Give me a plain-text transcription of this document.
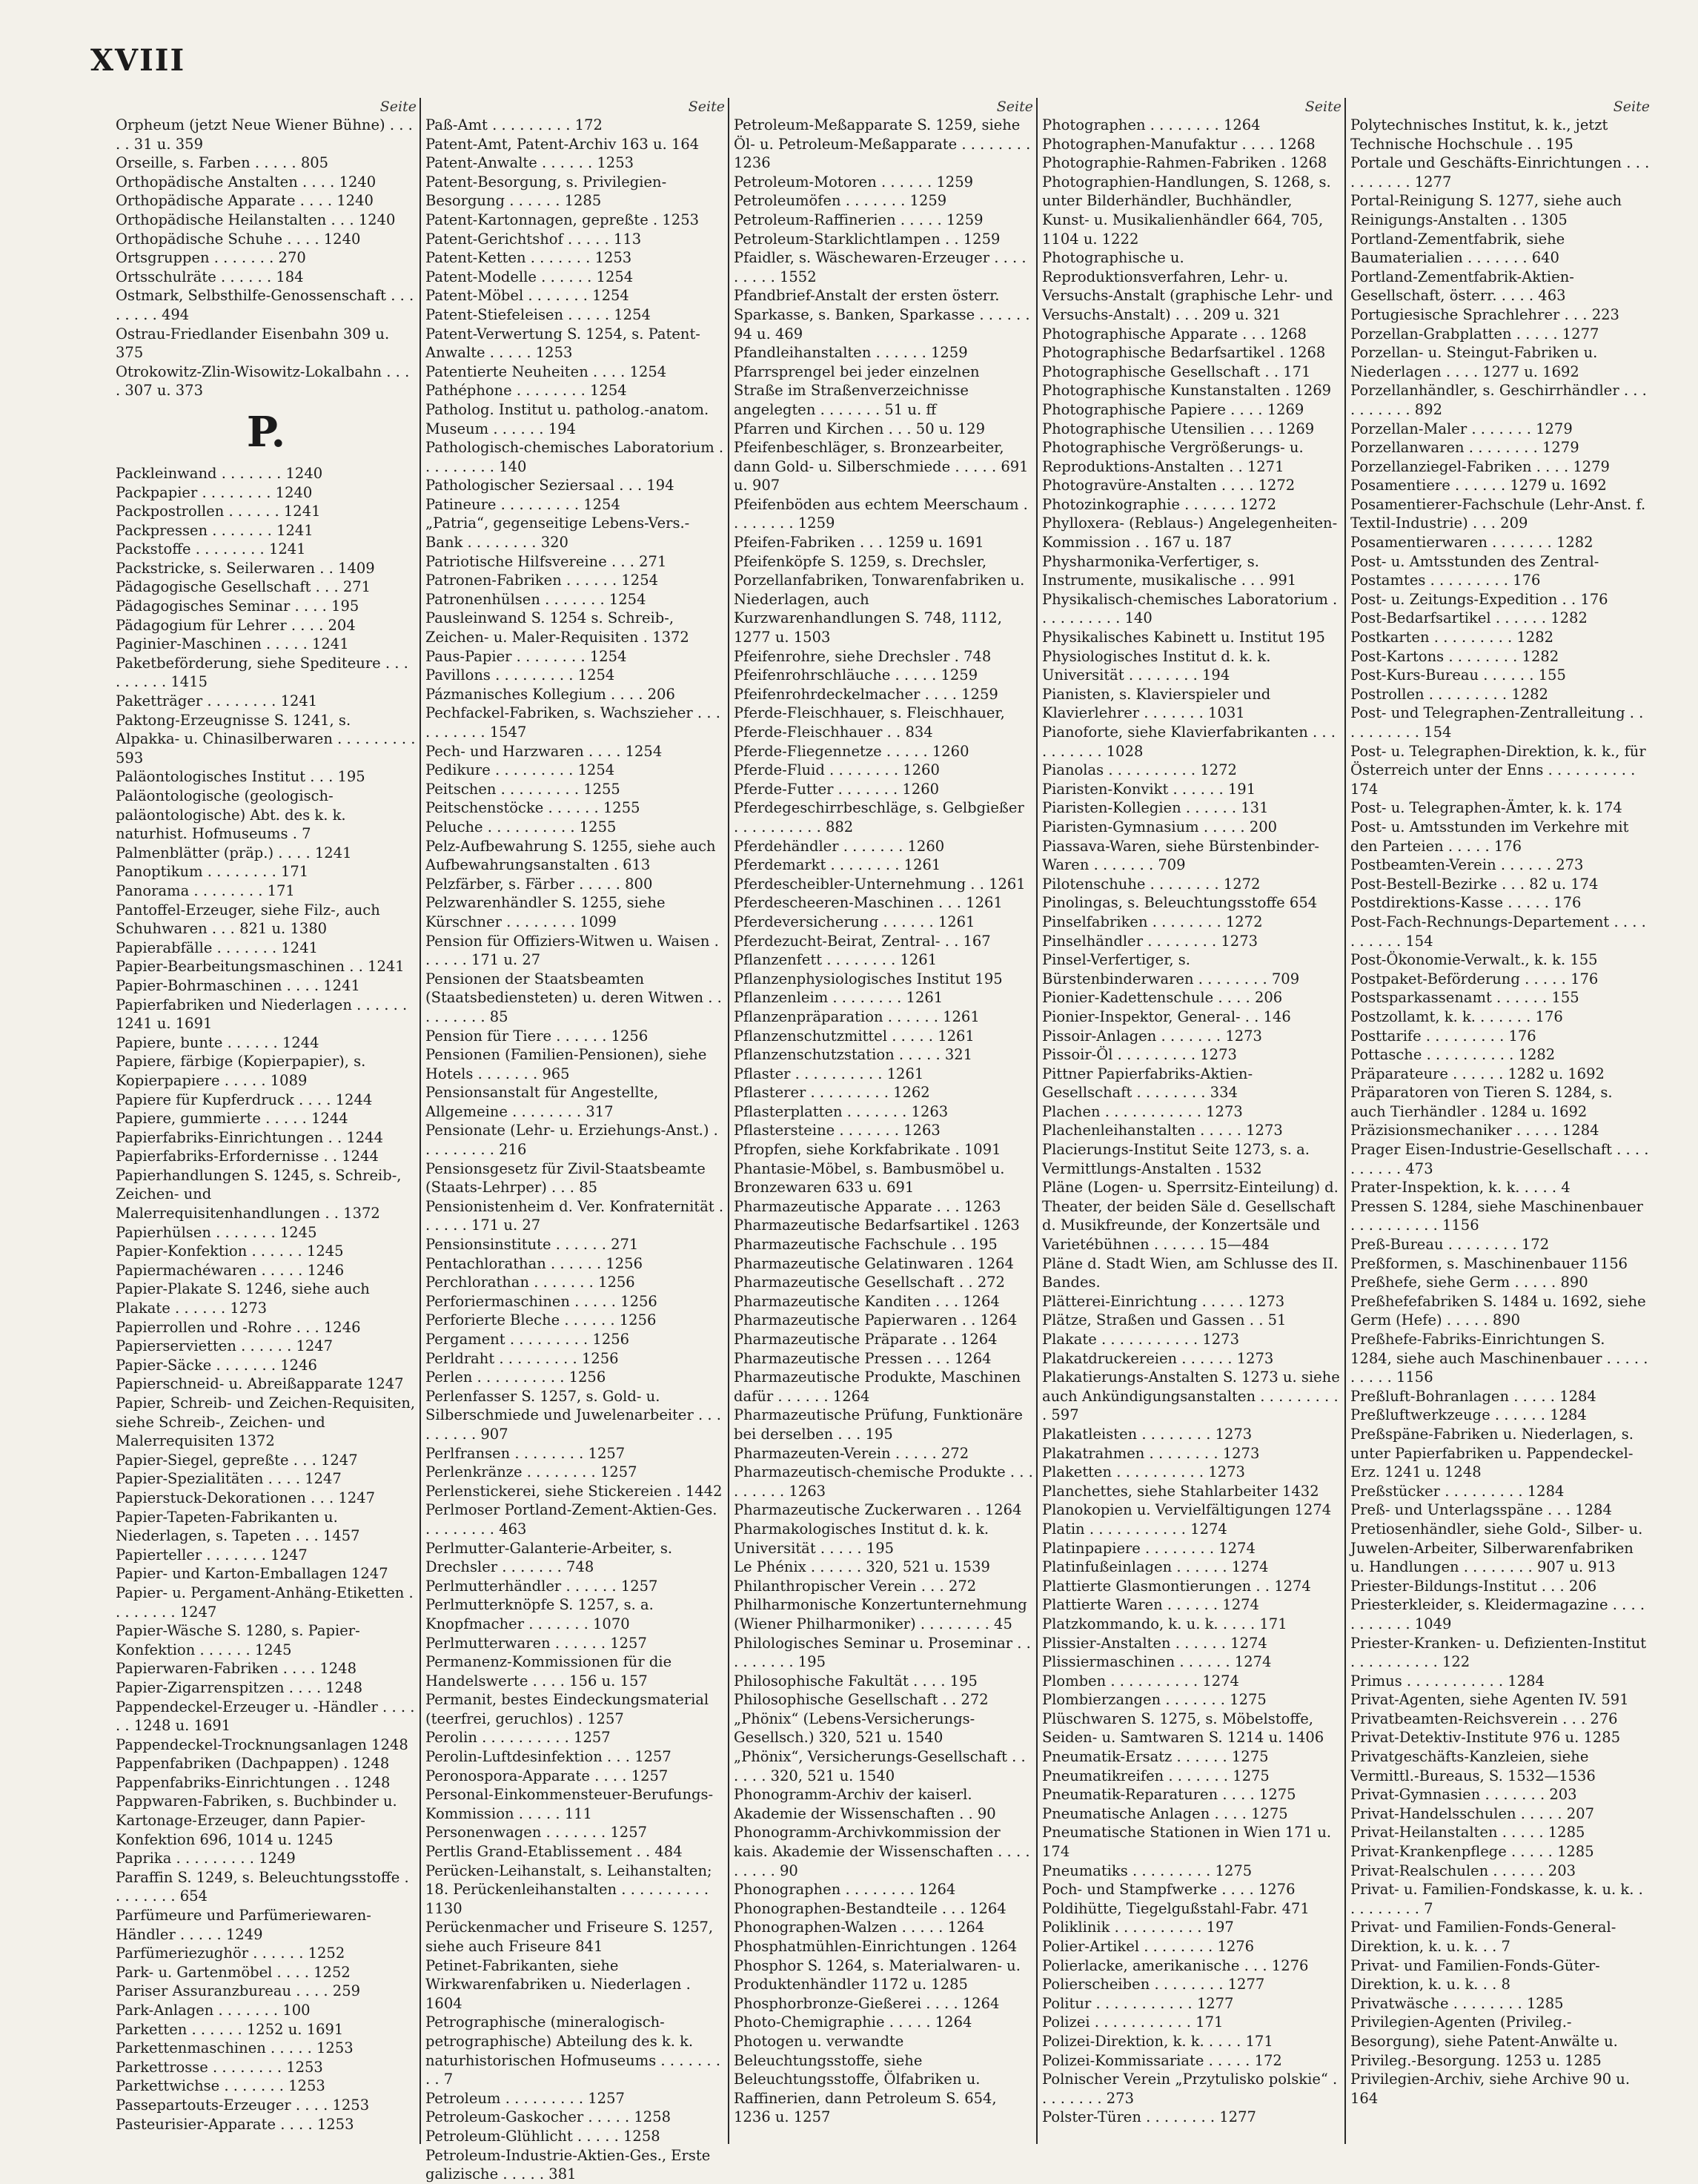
XVIII
Seite
Orpheum (jetzt Neue Wiener Bühne) . . . . . 31 u. 359
Orseille, s. Farben . . . . . 805
Orthopädische Anstalten . . . . 1240
Orthopädische Apparate . . . . 1240
Orthopädische Heilanstalten . . . 1240
Orthopädische Schuhe . . . . 1240
Ortsgruppen . . . . . . . 270
Ortsschulräte . . . . . . 184
Ostmark, Selbsthilfe-Genossenschaft . . . . . . . . 494
Ostrau-Friedlander Eisenbahn 309 u. 375
Otrokowitz-Zlin-Wisowitz-Lokalbahn . . . . 307 u. 373
P.
Packleinwand . . . . . . . 1240
Packpapier . . . . . . . . 1240
Packpostrollen . . . . . . 1241
Packpressen . . . . . . . 1241
Packstoffe . . . . . . . . 1241
Packstricke, s. Seilerwaren . . 1409
Pädagogische Gesellschaft . . . 271
Pädagogisches Seminar . . . . 195
Pädagogium für Lehrer . . . . 204
Paginier-Maschinen . . . . . 1241
Paketbeförderung, siehe Spediteure . . . . . . . . . 1415
Paketträger . . . . . . . . 1241
Paktong-Erzeugnisse S. 1241, s. Alpakka- u. Chinasilberwaren . . . . . . . . . 593
Paläontologisches Institut . . . 195
Paläontologische (geologisch-paläontologische) Abt. des k. k. naturhist. Hofmuseums . 7
Palmenblätter (präp.) . . . . 1241
Panoptikum . . . . . . . . 171
Panorama . . . . . . . . 171
Pantoffel-Erzeuger, siehe Filz-, auch Schuhwaren . . . 821 u. 1380
Papierabfälle . . . . . . . 1241
Papier-Bearbeitungsmaschinen . . 1241
Papier-Bohrmaschinen . . . . 1241
Papierfabriken und Niederlagen . . . . . . 1241 u. 1691
Papiere, bunte . . . . . . 1244
Papiere, färbige (Kopierpapier), s. Kopierpapiere . . . . . 1089
Papiere für Kupferdruck . . . . 1244
Papiere, gummierte . . . . . 1244
Papierfabriks-Einrichtungen . . 1244
Papierfabriks-Erfordernisse . . 1244
Papierhandlungen S. 1245, s. Schreib-, Zeichen- und Malerrequisitenhandlungen . . 1372
Papierhülsen . . . . . . . 1245
Papier-Konfektion . . . . . . 1245
Papiermachéwaren . . . . . 1246
Papier-Plakate S. 1246, siehe auch Plakate . . . . . . 1273
Papierrollen und -Rohre . . . 1246
Papierservietten . . . . . . 1247
Papier-Säcke . . . . . . . 1246
Papierschneid- u. Abreißapparate 1247
Papier, Schreib- und Zeichen-Requisiten, siehe Schreib-, Zeichen- und Malerrequisiten 1372
Papier-Siegel, gepreßte . . . 1247
Papier-Spezialitäten . . . . 1247
Papierstuck-Dekorationen . . . 1247
Papier-Tapeten-Fabrikanten u. Niederlagen, s. Tapeten . . . 1457
Papierteller . . . . . . . 1247
Papier- und Karton-Emballagen 1247
Papier- u. Pergament-Anhäng-Etiketten . . . . . . . . 1247
Papier-Wäsche S. 1280, s. Papier-Konfektion . . . . . . 1245
Papierwaren-Fabriken . . . . 1248
Papier-Zigarrenspitzen . . . . 1248
Pappendeckel-Erzeuger u. -Händler . . . . . . 1248 u. 1691
Pappendeckel-Trocknungsanlagen 1248
Pappenfabriken (Dachpappen) . 1248
Pappenfabriks-Einrichtungen . . 1248
Pappwaren-Fabriken, s. Buchbinder u. Kartonage-Erzeuger, dann Papier-Konfektion 696, 1014 u. 1245
Paprika . . . . . . . . . 1249
Paraffin S. 1249, s. Beleuchtungsstoffe . . . . . . . . 654
Parfümeure und Parfümeriewaren-Händler . . . . . 1249
Parfümeriezughör . . . . . . 1252
Park- u. Gartenmöbel . . . . 1252
Pariser Assuranzbureau . . . . 259
Park-Anlagen . . . . . . . 100
Parketten . . . . . . 1252 u. 1691
Parkettenmaschinen . . . . . 1253
Parkettrosse . . . . . . . . 1253
Parkettwichse . . . . . . . 1253
Passepartouts-Erzeuger . . . . 1253
Pasteurisier-Apparate . . . . 1253
Seite
Paß-Amt . . . . . . . . . 172
Patent-Amt, Patent-Archiv 163 u. 164
Patent-Anwalte . . . . . . 1253
Patent-Besorgung, s. Privilegien-Besorgung . . . . . . 1285
Patent-Kartonnagen, gepreßte . 1253
Patent-Gerichtshof . . . . . 113
Patent-Ketten . . . . . . . 1253
Patent-Modelle . . . . . . 1254
Patent-Möbel . . . . . . . 1254
Patent-Stiefeleisen . . . . . 1254
Patent-Verwertung S. 1254, s. Patent-Anwalte . . . . . 1253
Patentierte Neuheiten . . . . 1254
Pathéphone . . . . . . . . 1254
Patholog. Institut u. patholog.-anatom. Museum . . . . . . 194
Pathologisch-chemisches Laboratorium . . . . . . . . . 140
Pathologischer Seziersaal . . . 194
Patineure . . . . . . . . . 1254
„Patria“, gegenseitige Lebens-Vers.-Bank . . . . . . . . 320
Patriotische Hilfsvereine . . . 271
Patronen-Fabriken . . . . . . 1254
Patronenhülsen . . . . . . . 1254
Pausleinwand S. 1254 s. Schreib-, Zeichen- u. Maler-Requisiten . 1372
Paus-Papier . . . . . . . . 1254
Pavillons . . . . . . . . . 1254
Pázmanisches Kollegium . . . . 206
Pechfackel-Fabriken, s. Wachszieher . . . . . . . . . . 1547
Pech- und Harzwaren . . . . 1254
Pedikure . . . . . . . . . 1254
Peitschen . . . . . . . . . 1255
Peitschenstöcke . . . . . . 1255
Peluche . . . . . . . . . . 1255
Pelz-Aufbewahrung S. 1255, siehe auch Aufbewahrungsanstalten . 613
Pelzfärber, s. Färber . . . . . 800
Pelzwarenhändler S. 1255, siehe Kürschner . . . . . . . . 1099
Pension für Offiziers-Witwen u. Waisen . . . . . . 171 u. 27
Pensionen der Staatsbeamten (Staatsbediensteten) u. deren Witwen . . . . . . . . . 85
Pension für Tiere . . . . . . 1256
Pensionen (Familien-Pensionen), siehe Hotels . . . . . . . 965
Pensionsanstalt für Angestellte, Allgemeine . . . . . . . . 317
Pensionate (Lehr- u. Erziehungs-Anst.) . . . . . . . . . 216
Pensionsgesetz für Zivil-Staatsbeamte (Staats-Lehrper) . . . 85
Pensionistenheim d. Ver. Konfraternität . . . . . . 171 u. 27
Pensionsinstitute . . . . . . 271
Pentachlorathan . . . . . . 1256
Perchlorathan . . . . . . . 1256
Perforiermaschinen . . . . . 1256
Perforierte Bleche . . . . . . 1256
Pergament . . . . . . . . . 1256
Perldraht . . . . . . . . . 1256
Perlen . . . . . . . . . . 1256
Perlenfasser S. 1257, s. Gold- u. Silberschmiede und Juwelenarbeiter . . . . . . . . . 907
Perlfransen . . . . . . . . 1257
Perlenkränze . . . . . . . . 1257
Perlenstickerei, siehe Stickereien . 1442
Perlmoser Portland-Zement-Aktien-Ges. . . . . . . . . 463
Perlmutter-Galanterie-Arbeiter, s. Drechsler . . . . . . . 748
Perlmutterhändler . . . . . . 1257
Perlmutterknöpfe S. 1257, s. a. Knopfmacher . . . . . . . 1070
Perlmutterwaren . . . . . . 1257
Permanenz-Kommissionen für die Handelswerte . . . . 156 u. 157
Permanit, bestes Eindeckungsmaterial (teerfrei, geruchlos) . 1257
Perolin . . . . . . . . . . 1257
Perolin-Luftdesinfektion . . . 1257
Peronospora-Apparate . . . . 1257
Personal-Einkommensteuer-Berufungs-Kommission . . . . . 111
Personenwagen . . . . . . . 1257
Pertlis Grand-Etablissement . . 484
Perücken-Leihanstalt, s. Leihanstalten; 18. Perückenleihanstalten . . . . . . . . . . 1130
Perückenmacher und Friseure S. 1257, siehe auch Friseure 841
Petinet-Fabrikanten, siehe Wirkwarenfabriken u. Niederlagen . 1604
Petrographische (mineralogisch-petrographische) Abteilung des k. k. naturhistorischen Hofmuseums . . . . . . . . . 7
Petroleum . . . . . . . . . 1257
Petroleum-Gaskocher . . . . . 1258
Petroleum-Glühlicht . . . . . 1258
Petroleum-Industrie-Aktien-Ges., Erste galizische . . . . . 381
Seite
Petroleum-Meßapparate S. 1259, siehe Öl- u. Petroleum-Meßapparate . . . . . . . . 1236
Petroleum-Motoren . . . . . . 1259
Petroleumöfen . . . . . . . 1259
Petroleum-Raffinerien . . . . . 1259
Petroleum-Starklichtlampen . . 1259
Pfaidler, s. Wäschewaren-Erzeuger . . . . . . . . . 1552
Pfandbrief-Anstalt der ersten österr. Sparkasse, s. Banken, Sparkasse . . . . . . 94 u. 469
Pfandleihanstalten . . . . . . 1259
Pfarrsprengel bei jeder einzelnen Straße im Straßenverzeichnisse angelegten . . . . . . . 51 u. ff
Pfarren und Kirchen . . . 50 u. 129
Pfeifenbeschläger, s. Bronzearbeiter, dann Gold- u. Silberschmiede . . . . . 691 u. 907
Pfeifenböden aus echtem Meerschaum . . . . . . . . 1259
Pfeifen-Fabriken . . . 1259 u. 1691
Pfeifenköpfe S. 1259, s. Drechsler, Porzellanfabriken, Tonwarenfabriken u. Niederlagen, auch Kurzwarenhandlungen S. 748, 1112, 1277 u. 1503
Pfeifenrohre, siehe Drechsler . 748
Pfeifenrohrschläuche . . . . . 1259
Pfeifenrohrdeckelmacher . . . . 1259
Pferde-Fleischhauer, s. Fleischhauer, Pferde-Fleischhauer . . 834
Pferde-Fliegennetze . . . . . 1260
Pferde-Fluid . . . . . . . . 1260
Pferde-Futter . . . . . . . 1260
Pferdegeschirrbeschläge, s. Gelbgießer . . . . . . . . . . 882
Pferdehändler . . . . . . . 1260
Pferdemarkt . . . . . . . . 1261
Pferdescheibler-Unternehmung . . 1261
Pferdescheeren-Maschinen . . . 1261
Pferdeversicherung . . . . . . 1261
Pferdezucht-Beirat, Zentral- . . 167
Pflanzenfett . . . . . . . . 1261
Pflanzenphysiologisches Institut 195
Pflanzenleim . . . . . . . . 1261
Pflanzenpräparation . . . . . . 1261
Pflanzenschutzmittel . . . . . 1261
Pflanzenschutzstation . . . . . 321
Pflaster . . . . . . . . . . 1261
Pflasterer . . . . . . . . . 1262
Pflasterplatten . . . . . . . 1263
Pflastersteine . . . . . . . 1263
Pfropfen, siehe Korkfabrikate . 1091
Phantasie-Möbel, s. Bambusmöbel u. Bronzewaren 633 u. 691
Pharmazeutische Apparate . . . 1263
Pharmazeutische Bedarfsartikel . 1263
Pharmazeutische Fachschule . . 195
Pharmazeutische Gelatinwaren . 1264
Pharmazeutische Gesellschaft . . 272
Pharmazeutische Kanditen . . . 1264
Pharmazeutische Papierwaren . . 1264
Pharmazeutische Präparate . . 1264
Pharmazeutische Pressen . . . 1264
Pharmazeutische Produkte, Maschinen dafür . . . . . . 1264
Pharmazeutische Prüfung, Funktionäre bei derselben . . . 195
Pharmazeuten-Verein . . . . . 272
Pharmazeutisch-chemische Produkte . . . . . . . . . 1263
Pharmazeutische Zuckerwaren . . 1264
Pharmakologisches Institut d. k. k. Universität . . . . . 195
Le Phénix . . . . . . 320, 521 u. 1539
Philanthropischer Verein . . . 272
Philharmonische Konzertunternehmung (Wiener Philharmoniker) . . . . . . . . 45
Philologisches Seminar u. Proseminar . . . . . . . . . 195
Philosophische Fakultät . . . . 195
Philosophische Gesellschaft . . 272
„Phönix“ (Lebens-Versicherungs-Gesellsch.) 320, 521 u. 1540
„Phönix“, Versicherungs-Gesellschaft . . . . . . 320, 521 u. 1540
Phonogramm-Archiv der kaiserl. Akademie der Wissenschaften . . 90
Phonogramm-Archivkommission der kais. Akademie der Wissenschaften . . . . . . . . . 90
Phonographen . . . . . . . . 1264
Phonographen-Bestandteile . . . 1264
Phonographen-Walzen . . . . . 1264
Phosphatmühlen-Einrichtungen . 1264
Phosphor S. 1264, s. Materialwaren- u. Produktenhändler 1172 u. 1285
Phosphorbronze-Gießerei . . . . 1264
Photo-Chemigraphie . . . . . 1264
Photogen u. verwandte Beleuchtungsstoffe, siehe Beleuchtungsstoffe, Ölfabriken u. Raffinerien, dann Petroleum S. 654, 1236 u. 1257
Seite
Photographen . . . . . . . . 1264
Photographen-Manufaktur . . . . 1268
Photographie-Rahmen-Fabriken . 1268
Photographien-Handlungen, S. 1268, s. unter Bilderhändler, Buchhändler, Kunst- u. Musikalienhändler 664, 705, 1104 u. 1222
Photographische u. Reproduktionsverfahren, Lehr- u. Versuchs-Anstalt (graphische Lehr- und Versuchs-Anstalt) . . . 209 u. 321
Photographische Apparate . . . 1268
Photographische Bedarfsartikel . 1268
Photographische Gesellschaft . . 171
Photographische Kunstanstalten . 1269
Photographische Papiere . . . . 1269
Photographische Utensilien . . . 1269
Photographische Vergrößerungs- u. Reproduktions-Anstalten . . 1271
Photogravüre-Anstalten . . . . 1272
Photozinkographie . . . . . . 1272
Phylloxera- (Reblaus-) Angelegenheiten-Kommission . . 167 u. 187
Physharmonika-Verfertiger, s. Instrumente, musikalische . . . 991
Physikalisch-chemisches Laboratorium . . . . . . . . . . 140
Physikalisches Kabinett u. Institut 195
Physiologisches Institut d. k. k. Universität . . . . . . . . 194
Pianisten, s. Klavierspieler und Klavierlehrer . . . . . . . 1031
Pianoforte, siehe Klavierfabrikanten . . . . . . . . . . 1028
Pianolas . . . . . . . . . . 1272
Piaristen-Konvikt . . . . . . 191
Piaristen-Kollegien . . . . . . 131
Piaristen-Gymnasium . . . . . 200
Piassava-Waren, siehe Bürstenbinder-Waren . . . . . . . 709
Pilotenschuhe . . . . . . . . 1272
Pinolingas, s. Beleuchtungsstoffe 654
Pinselfabriken . . . . . . . . 1272
Pinselhändler . . . . . . . . 1273
Pinsel-Verfertiger, s. Bürstenbinderwaren . . . . . . . . 709
Pionier-Kadettenschule . . . . 206
Pionier-Inspektor, General- . . 146
Pissoir-Anlagen . . . . . . . 1273
Pissoir-Öl . . . . . . . . . 1273
Pittner Papierfabriks-Aktien-Gesellschaft . . . . . . . . 334
Plachen . . . . . . . . . . . 1273
Plachenleihanstalten . . . . . 1273
Placierungs-Institut Seite 1273, s. a. Vermittlungs-Anstalten . 1532
Pläne (Logen- u. Sperrsitz-Einteilung) d. Theater, der beiden Säle d. Gesellschaft d. Musikfreunde, der Konzertsäle und Varietébühnen . . . . . . 15—484
Pläne d. Stadt Wien, am Schlusse des II. Bandes.
Plätterei-Einrichtung . . . . . 1273
Plätze, Straßen und Gassen . . 51
Plakate . . . . . . . . . . . 1273
Plakatdruckereien . . . . . . 1273
Plakatierungs-Anstalten S. 1273 u. siehe auch Ankündigungsanstalten . . . . . . . . . . 597
Plakatleisten . . . . . . . . 1273
Plakatrahmen . . . . . . . . 1273
Plaketten . . . . . . . . . . 1273
Planchettes, siehe Stahlarbeiter 1432
Planokopien u. Vervielfältigungen 1274
Platin . . . . . . . . . . . 1274
Platinpapiere . . . . . . . . 1274
Platinfußeinlagen . . . . . . 1274
Plattierte Glasmontierungen . . 1274
Plattierte Waren . . . . . . 1274
Platzkommando, k. u. k. . . . . 171
Plissier-Anstalten . . . . . . 1274
Plissiermaschinen . . . . . . 1274
Plomben . . . . . . . . . . 1274
Plombierzangen . . . . . . . 1275
Plüschwaren S. 1275, s. Möbelstoffe, Seiden- u. Samtwaren S. 1214 u. 1406
Pneumatik-Ersatz . . . . . . 1275
Pneumatikreifen . . . . . . . 1275
Pneumatik-Reparaturen . . . . 1275
Pneumatische Anlagen . . . . 1275
Pneumatische Stationen in Wien 171 u. 174
Pneumatiks . . . . . . . . . 1275
Poch- und Stampfwerke . . . . 1276
Poldihütte, Tiegelgußstahl-Fabr. 471
Poliklinik . . . . . . . . . . 197
Polier-Artikel . . . . . . . . 1276
Polierlacke, amerikanische . . . 1276
Polierscheiben . . . . . . . . 1277
Politur . . . . . . . . . . . 1277
Polizei . . . . . . . . . . . 171
Polizei-Direktion, k. k. . . . . 171
Polizei-Kommissariate . . . . . 172
Polnischer Verein „Przytulisko polskie“ . . . . . . . . 273
Polster-Türen . . . . . . . . 1277
Seite
Polytechnisches Institut, k. k., jetzt Technische Hochschule . . 195
Portale und Geschäfts-Einrichtungen . . . . . . . . . . 1277
Portal-Reinigung S. 1277, siehe auch Reinigungs-Anstalten . . 1305
Portland-Zementfabrik, siehe Baumaterialien . . . . . . . 640
Portland-Zementfabrik-Aktien-Gesellschaft, österr. . . . . 463
Portugiesische Sprachlehrer . . . 223
Porzellan-Grabplatten . . . . . 1277
Porzellan- u. Steingut-Fabriken u. Niederlagen . . . . 1277 u. 1692
Porzellanhändler, s. Geschirrhändler . . . . . . . . . . 892
Porzellan-Maler . . . . . . . 1279
Porzellanwaren . . . . . . . . 1279
Porzellanziegel-Fabriken . . . . 1279
Posamentiere . . . . . . 1279 u. 1692
Posamentierer-Fachschule (Lehr-Anst. f. Textil-Industrie) . . . 209
Posamentierwaren . . . . . . . 1282
Post- u. Amtsstunden des Zentral-Postamtes . . . . . . . . . 176
Post- u. Zeitungs-Expedition . . 176
Post-Bedarfsartikel . . . . . . 1282
Postkarten . . . . . . . . . 1282
Post-Kartons . . . . . . . . 1282
Post-Kurs-Bureau . . . . . . 155
Postrollen . . . . . . . . . 1282
Post- und Telegraphen-Zentralleitung . . . . . . . . . . 154
Post- u. Telegraphen-Direktion, k. k., für Österreich unter der Enns . . . . . . . . . . 174
Post- u. Telegraphen-Ämter, k. k. 174
Post- u. Amtsstunden im Verkehre mit den Parteien . . . . . 176
Postbeamten-Verein . . . . . . 273
Post-Bestell-Bezirke . . . 82 u. 174
Postdirektions-Kasse . . . . . 176
Post-Fach-Rechnungs-Departement . . . . . . . . . . 154
Post-Ökonomie-Verwalt., k. k. 155
Postpaket-Beförderung . . . . . 176
Postsparkassenamt . . . . . . 155
Postzollamt, k. k. . . . . . . 176
Posttarife . . . . . . . . . 176
Pottasche . . . . . . . . . . 1282
Präparateure . . . . . . 1282 u. 1692
Präparatoren von Tieren S. 1284, s. auch Tierhändler . 1284 u. 1692
Präzisionsmechaniker . . . . . 1284
Prager Eisen-Industrie-Gesellschaft . . . . . . . . . . 473
Prater-Inspektion, k. k. . . . . 4
Pressen S. 1284, siehe Maschinenbauer . . . . . . . . . . 1156
Preß-Bureau . . . . . . . . 172
Preßformen, s. Maschinenbauer 1156
Preßhefe, siehe Germ . . . . . 890
Preßhefefabriken S. 1484 u. 1692, siehe Germ (Hefe) . . . . . 890
Preßhefe-Fabriks-Einrichtungen S. 1284, siehe auch Maschinenbauer . . . . . . . . . . 1156
Preßluft-Bohranlagen . . . . . 1284
Preßluftwerkzeuge . . . . . . 1284
Preßspäne-Fabriken u. Niederlagen, s. unter Papierfabriken u. Pappendeckel-Erz. 1241 u. 1248
Preßstücker . . . . . . . . . 1284
Preß- und Unterlagsspäne . . . 1284
Pretiosenhändler, siehe Gold-, Silber- u. Juwelen-Arbeiter, Silberwarenfabriken u. Handlungen . . . . . . . . 907 u. 913
Priester-Bildungs-Institut . . . 206
Priesterkleider, s. Kleidermagazine . . . . . . . . . . . 1049
Priester-Kranken- u. Defizienten-Institut . . . . . . . . . . 122
Primus . . . . . . . . . . . 1284
Privat-Agenten, siehe Agenten IV. 591
Privatbeamten-Reichsverein . . . 276
Privat-Detektiv-Institute 976 u. 1285
Privatgeschäfts-Kanzleien, siehe Vermittl.-Bureaus, S. 1532—1536
Privat-Gymnasien . . . . . . . 203
Privat-Handelsschulen . . . . . 207
Privat-Heilanstalten . . . . . 1285
Privat-Krankenpflege . . . . . 1285
Privat-Realschulen . . . . . . 203
Privat- u. Familien-Fondskasse, k. u. k. . . . . . . . . . 7
Privat- und Familien-Fonds-General-Direktion, k. u. k. . . 7
Privat- und Familien-Fonds-Güter-Direktion, k. u. k. . . 8
Privatwäsche . . . . . . . . 1285
Privilegien-Agenten (Privileg.-Besorgung), siehe Patent-Anwälte u. Privileg.-Besorgung. 1253 u. 1285
Privilegien-Archiv, siehe Archive 90 u. 164
